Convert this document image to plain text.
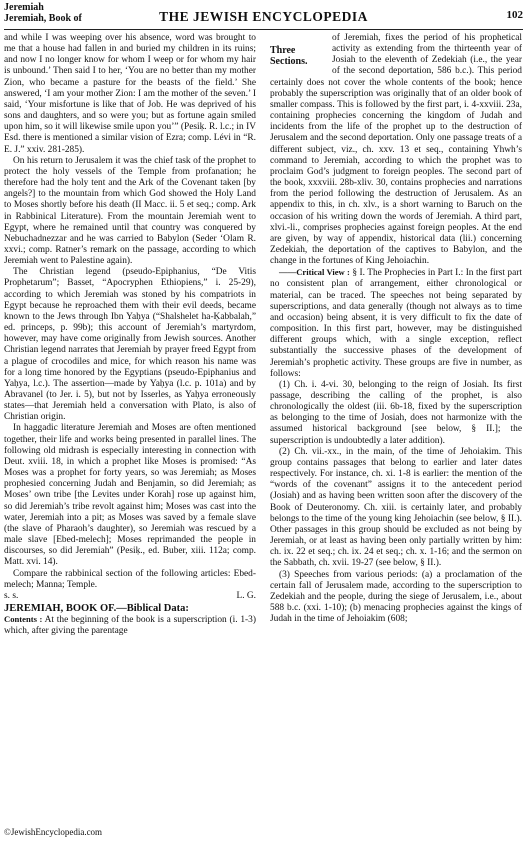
Jeremiah
Jeremiah, Book of	THE JEWISH ENCYCLOPEDIA	102

and while I was weeping over his absence, word was brought to me that a house had fallen in and buried my children in its ruins; and now I no longer know for whom I weep or for whom my hair is unbound.’ Then said I to her, ‘You are no better than my mother Zion, who became a pasture for the beasts of the field.’ She answered, ‘I am your mother Zion: I am the mother of the seven.’ I said, ‘Your misfortune is like that of Job. He was deprived of his sons and daughters, and so were you; but as fortune again smiled upon him, so it will likewise smile upon you’” (Pesiḳ. R. l.c.; in IV Esd. there is mentioned a similar vision of Ezra; comp. Lévi in “R. E. J.” xxiv. 281-285).

On his return to Jerusalem it was the chief task of the prophet to protect the holy vessels of the Temple from profanation; he therefore had the holy tent and the Ark of the Covenant taken [by angels?] to the mountain from which God showed the Holy Land to Moses shortly before his death (II Macc. ii. 5 et seq.; comp. Ark in Rabbinical Literature). From the mountain Jeremiah went to Egypt, where he remained until that country was conquered by Nebuchadnezzar and he was carried to Babylon (Seder ‘Olam R. xxvi.; comp. Ratner’s remark on the passage, according to which Jeremiah went to Palestine again).

The Christian legend (pseudo-Epiphanius, “De Vitis Prophetarum”; Basset, “Apocryphen Ethiopiens,” i. 25-29), according to which Jeremiah was stoned by his compatriots in Egypt because he reproached them with their evil deeds, became known to the Jews through Ibn Yaḥya (“Shalshelet ha-Ḳabbalah,” ed. princeps, p. 99b); this account of Jeremiah’s martyrdom, however, may have come originally from Jewish sources. Another Christian legend narrates that Jeremiah by prayer freed Egypt from a plague of crocodiles and mice, for which reason his name was for a long time honored by the Egyptians (pseudo-Epiphanius and Yaḥya, l.c.). The assertion—made by Yaḥya (l.c. p. 101a) and by Abravanel (to Jer. i. 5), but not by Isserles, as Yaḥya erroneously states—that Jeremiah held a conversation with Plato, is also of Christian origin.

In haggadic literature Jeremiah and Moses are often mentioned together, their life and works being presented in parallel lines. The following old midrash is especially interesting in connection with Deut. xviii. 18, in which a prophet like Moses is promised: “As Moses was a prophet for forty years, so was Jeremiah; as Moses prophesied concerning Judah and Benjamin, so did Jeremiah; as Moses’ own tribe [the Levites under Korah] rose up against him, so did Jeremiah’s tribe revolt against him; Moses was cast into the water, Jeremiah into a pit; as Moses was saved by a female slave (the slave of Pharaoh’s daughter), so Jeremiah was rescued by a male slave [Ebed-melech]; Moses reprimanded the people in discourses, so did Jeremiah” (Pesiḳ., ed. Buber, xiii. 112a; comp. Matt. xvi. 14).

Compare the rabbinical section of the following articles: Ebed-melech; Manna; Temple.

s. s.	L. G.
JEREMIAH, BOOK OF.—Biblical Data:

Contents : At the beginning of the book is a superscription (i. 1-3) which, after giving the parentage

Three Sections.
of Jeremiah, fixes the period of his prophetical activity as extending from the thirteenth year of Josiah to the eleventh of Zedekiah (i.e., the year of the second deportation, 586 b.c.). This period certainly does not cover the whole contents of the book; hence probably the superscription was originally that of an older book of smaller compass. This is followed by the first part, i. 4-xxviii. 23a, containing prophecies concerning the kingdom of Judah and incidents from the life of the prophet up to the destruction of Jerusalem and the second deportation. Only one passage treats of a different subject, viz., ch. xxv. 13 et seq., containing Yhwh’s command to Jeremiah, according to which the prophet was to proclaim God’s judgment to foreign peoples. The second part of the book, xxxviii. 28b-xliv. 30, contains prophecies and narrations from the period following the destruction of Jerusalem. As an appendix to this, in ch. xlv., is a short warning to Baruch on the occasion of his writing down the words of Jeremiah. A third part, xlvi.-li., comprises prophecies against foreign peoples. At the end are given, by way of appendix, historical data (lii.) concerning Zedekiah, the deportation of the captives to Babylon, and the change in the fortunes of King Jehoiachin.

——Critical View : § I. The Prophecies in Part I.: In the first part no consistent plan of arrangement, either chronological or material, can be traced. The speeches not being separated by superscriptions, and data generally (though not always as to time and occasion) being absent, it is very difficult to fix the date of composition. In this first part, however, may be distinguished different groups which, with a single exception, reflect substantially the successive phases of the development of Jeremiah’s prophetic activity. These groups are five in number, as follows:

(1) Ch. i. 4-vi. 30, belonging to the reign of Josiah. Its first passage, describing the calling of the prophet, is also chronologically the oldest (iii. 6b-18, fixed by the superscription as belonging to the time of Josiah, does not harmonize with the assumed historical background [see below, § II.]; the superscription is undoubtedly a later addition).

(2) Ch. vii.-xx., in the main, of the time of Jehoiakim. This group contains passages that belong to earlier and later dates respectively. For instance, ch. xi. 1-8 is earlier: the mention of the “words of the covenant” assigns it to the antecedent period (Josiah) and as having been written soon after the discovery of the Book of Deuteronomy. Ch. xiii. is certainly later, and probably belongs to the time of the young king Jehoiachin (see below, § II.). Other passages in this group should be excluded as not being by Jeremiah, or at least as having been only partially written by him: ch. ix. 22 et seq.; ch. ix. 24 et seq.; ch. x. 1-16; and the sermon on the Sabbath, ch. xvii. 19-27 (see below, § II.).

(3) Speeches from various periods: (a) a proclamation of the certain fall of Jerusalem made, according to the superscription to Zedekiah and the people, during the siege of Jerusalem, i.e., about 588 b.c. (xxi. 1-10); (b) menacing prophecies against the kings of Judah in the time of Jehoiakim (608;

©JewishEncyclopedia.com
